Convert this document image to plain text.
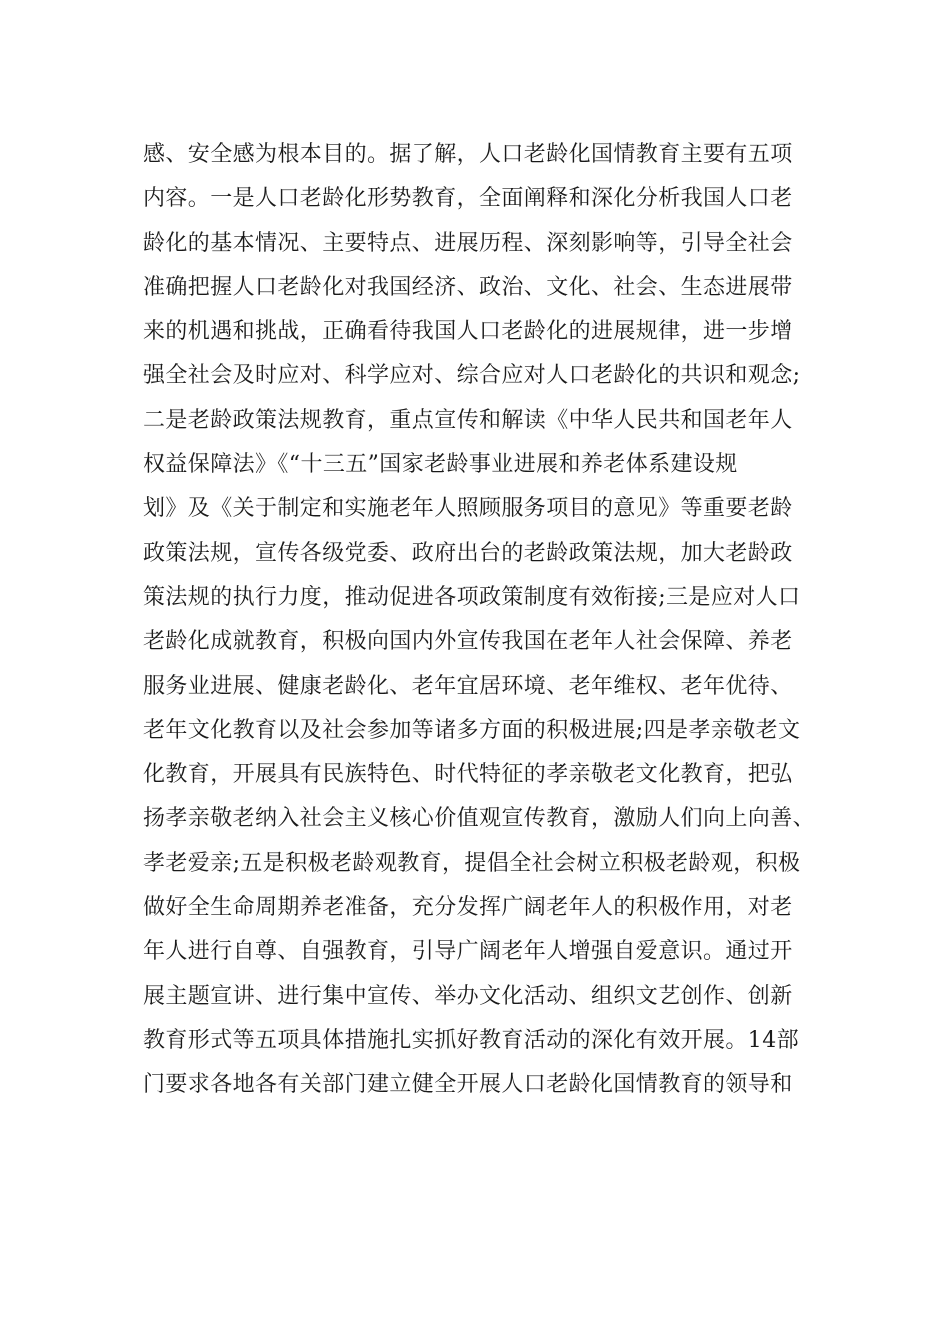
感、安全感为根本目的。据了解，人口老龄化国情教育主要有五项
内容。一是人口老龄化形势教育，全面阐释和深化分析我国人口老
龄化的基本情况、主要特点、进展历程、深刻影响等，引导全社会
准确把握人口老龄化对我国经济、政治、文化、社会、生态进展带
来的机遇和挑战，正确看待我国人口老龄化的进展规律，进一步增
强全社会及时应对、科学应对、综合应对人口老龄化的共识和观念;
二是老龄政策法规教育，重点宣传和解读《中华人民共和国老年人
权益保障法》《“十三五”国家老龄事业进展和养老体系建设规
划》及《关于制定和实施老年人照顾服务项目的意见》等重要老龄
政策法规，宣传各级党委、政府出台的老龄政策法规，加大老龄政
策法规的执行力度，推动促进各项政策制度有效衔接;三是应对人口
老龄化成就教育，积极向国内外宣传我国在老年人社会保障、养老
服务业进展、健康老龄化、老年宜居环境、老年维权、老年优待、
老年文化教育以及社会参加等诸多方面的积极进展;四是孝亲敬老文
化教育，开展具有民族特色、时代特征的孝亲敬老文化教育，把弘
扬孝亲敬老纳入社会主义核心价值观宣传教育，激励人们向上向善、
孝老爱亲;五是积极老龄观教育，提倡全社会树立积极老龄观，积极
做好全生命周期养老准备，充分发挥广阔老年人的积极作用，对老
年人进行自尊、自强教育，引导广阔老年人增强自爱意识。通过开
展主题宣讲、进行集中宣传、举办文化活动、组织文艺创作、创新
教育形式等五项具体措施扎实抓好教育活动的深化有效开展。14部
门要求各地各有关部门建立健全开展人口老龄化国情教育的领导和
